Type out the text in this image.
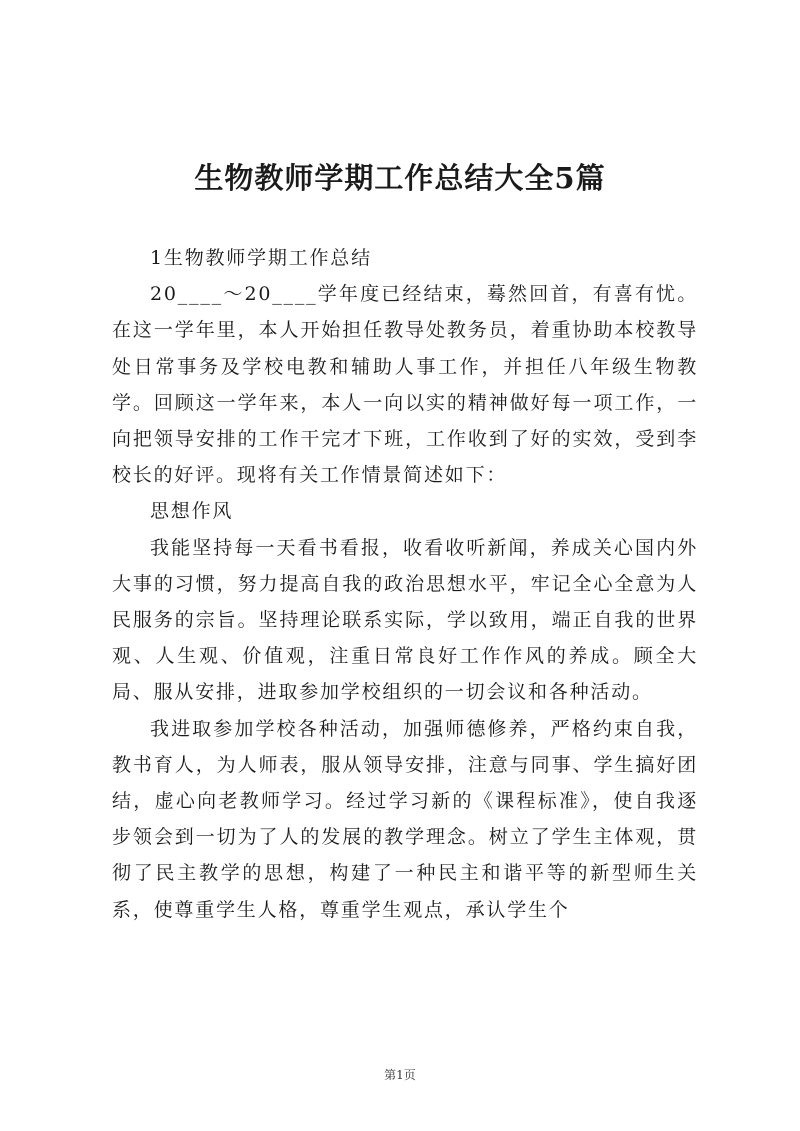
生物教师学期工作总结大全5篇

1生物教师学期工作总结

20____～20____学年度已经结束，蓦然回首，有喜有忧。在这一学年里，本人开始担任教导处教务员，着重协助本校教导处日常事务及学校电教和辅助人事工作，并担任八年级生物教学。回顾这一学年来，本人一向以实的精神做好每一项工作，一向把领导安排的工作干完才下班，工作收到了好的实效，受到李校长的好评。现将有关工作情景简述如下：

思想作风

我能坚持每一天看书看报，收看收听新闻，养成关心国内外大事的习惯，努力提高自我的政治思想水平，牢记全心全意为人民服务的宗旨。坚持理论联系实际，学以致用，端正自我的世界观、人生观、价值观，注重日常良好工作作风的养成。顾全大局、服从安排，进取参加学校组织的一切会议和各种活动。

我进取参加学校各种活动，加强师德修养，严格约束自我，教书育人，为人师表，服从领导安排，注意与同事、学生搞好团结，虚心向老教师学习。经过学习新的《课程标准》，使自我逐步领会到一切为了人的发展的教学理念。树立了学生主体观，贯彻了民主教学的思想，构建了一种民主和谐平等的新型师生关系，使尊重学生人格，尊重学生观点，承认学生个

第1页
